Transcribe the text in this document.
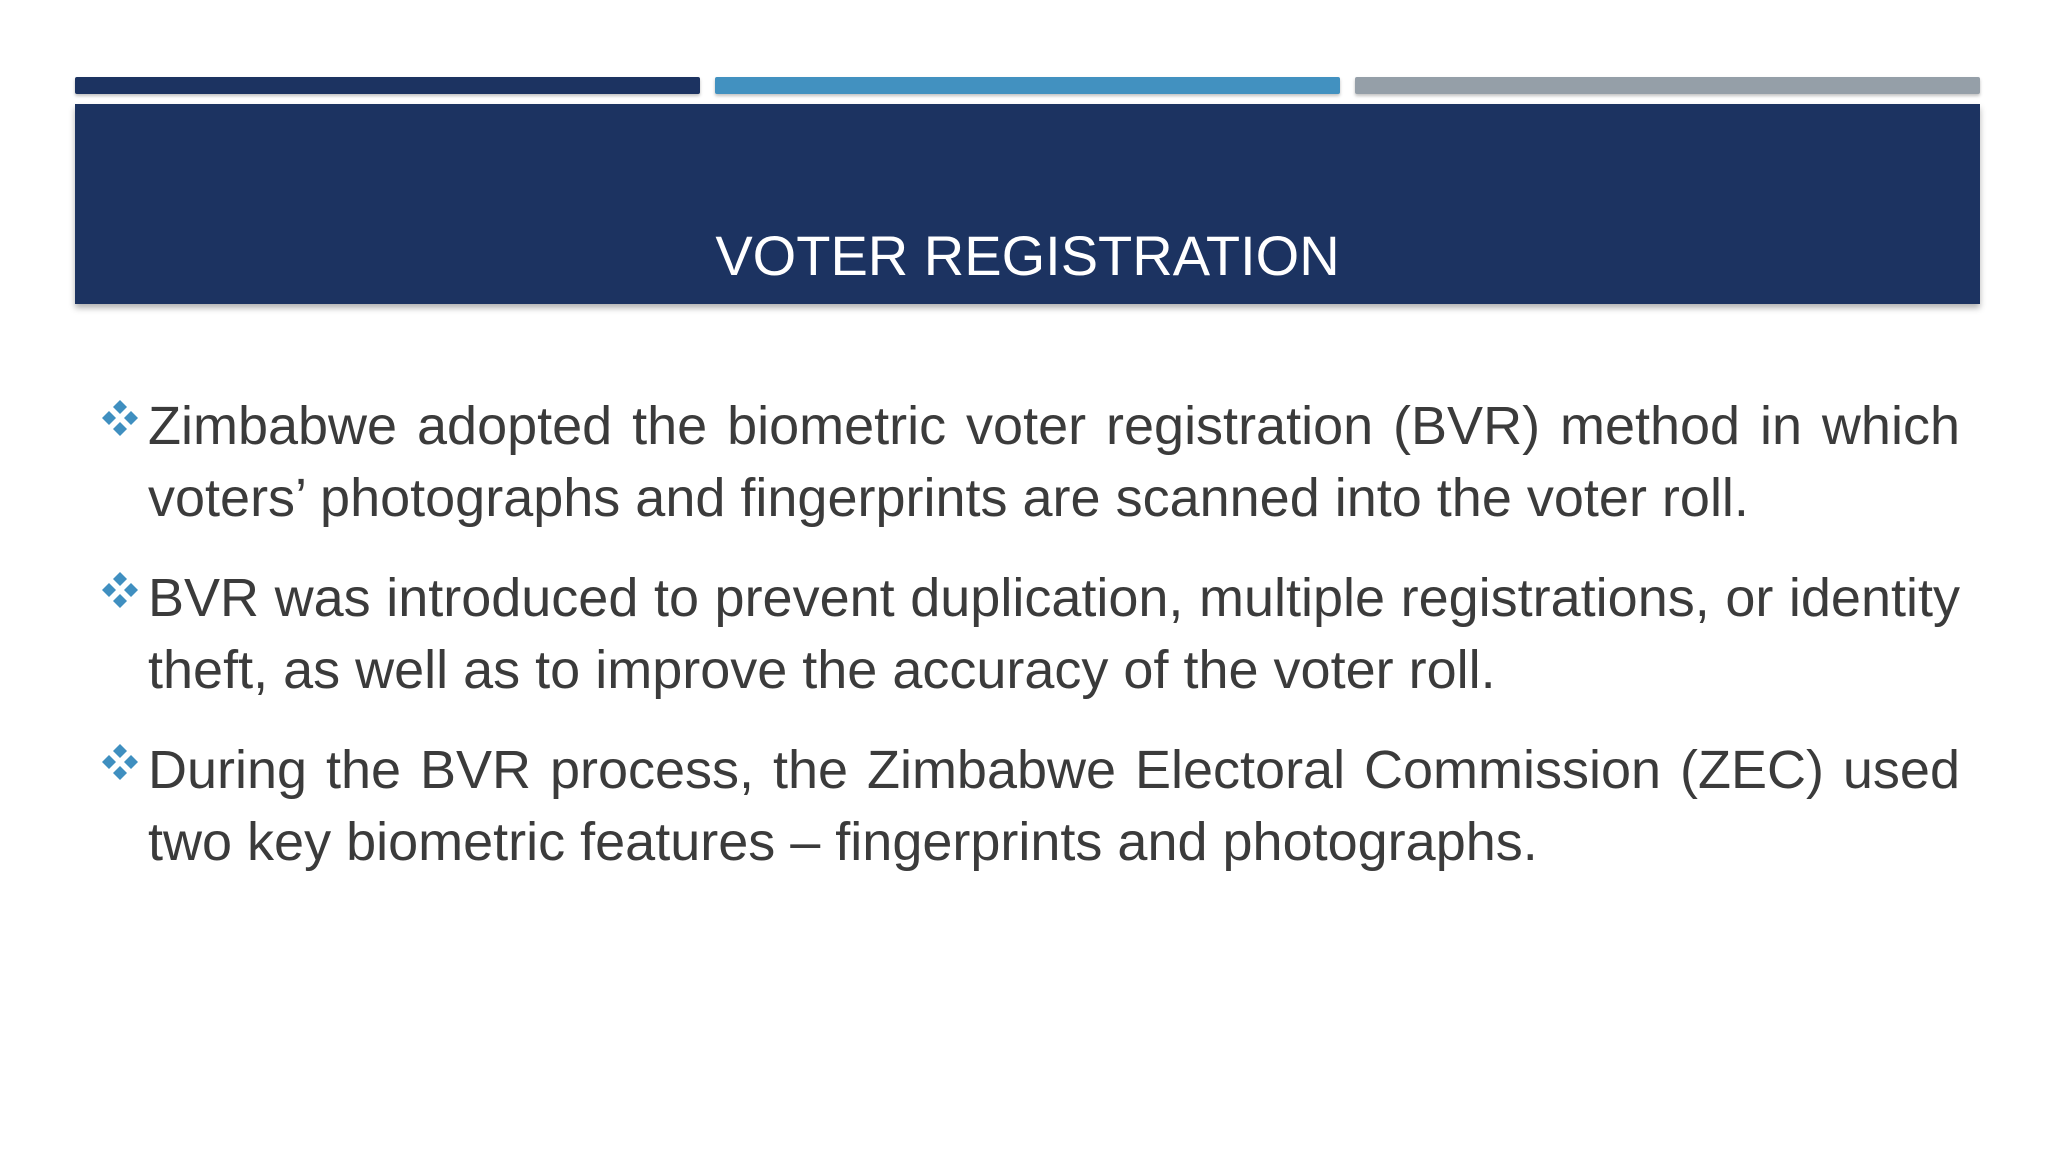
VOTER REGISTRATION
Zimbabwe adopted the biometric voter registration (BVR) method in which voters’ photographs and fingerprints are scanned into the voter roll.
BVR was introduced to prevent duplication, multiple registrations, or identity theft, as well as to improve the accuracy of the voter roll.
During the BVR process, the Zimbabwe Electoral Commission (ZEC) used two key biometric features – fingerprints and photographs.
